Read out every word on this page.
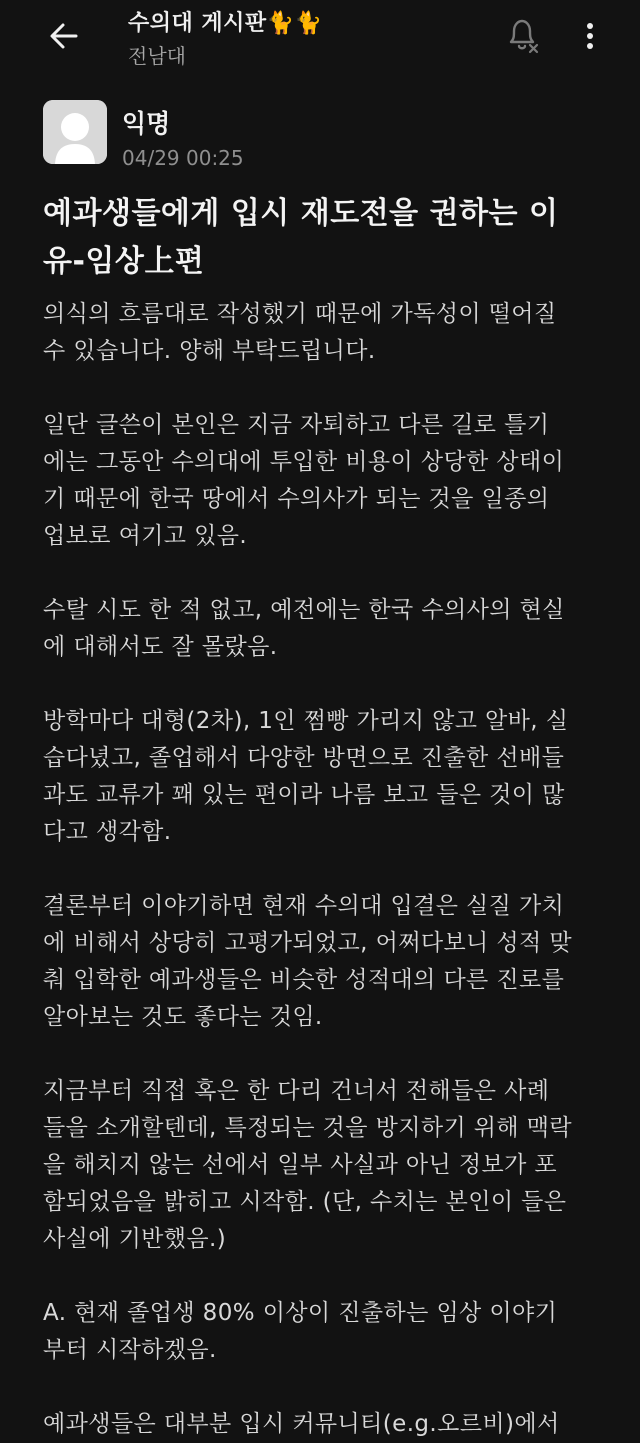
수의대 게시판🐈🐈
전남대
익명
04/29 00:25
예과생들에게 입시 재도전을 권하는 이
유-임상上편
의식의 흐름대로 작성했기 때문에 가독성이 떨어질
수 있습니다. 양해 부탁드립니다.

일단 글쓴이 본인은 지금 자퇴하고 다른 길로 틀기
에는 그동안 수의대에 투입한 비용이 상당한 상태이
기 때문에 한국 땅에서 수의사가 되는 것을 일종의
업보로 여기고 있음.

수탈 시도 한 적 없고, 예전에는 한국 수의사의 현실
에 대해서도 잘 몰랐음.

방학마다 대형(2차), 1인 쩜빵 가리지 않고 알바, 실
습다녔고, 졸업해서 다양한 방면으로 진출한 선배들
과도 교류가 꽤 있는 편이라 나름 보고 들은 것이 많
다고 생각함.

결론부터 이야기하면 현재 수의대 입결은 실질 가치
에 비해서 상당히 고평가되었고, 어쩌다보니 성적 맞
춰 입학한 예과생들은 비슷한 성적대의 다른 진로를
알아보는 것도 좋다는 것임.

지금부터 직접 혹은 한 다리 건너서 전해들은 사례
들을 소개할텐데, 특정되는 것을 방지하기 위해 맥락
을 해치지 않는 선에서 일부 사실과 아닌 정보가 포
함되었음을 밝히고 시작함. (단, 수치는 본인이 들은
사실에 기반했음.)

A. 현재 졸업생 80% 이상이 진출하는 임상 이야기
부터 시작하겠음.

예과생들은 대부분 입시 커뮤니티(e.g.오르비)에서
